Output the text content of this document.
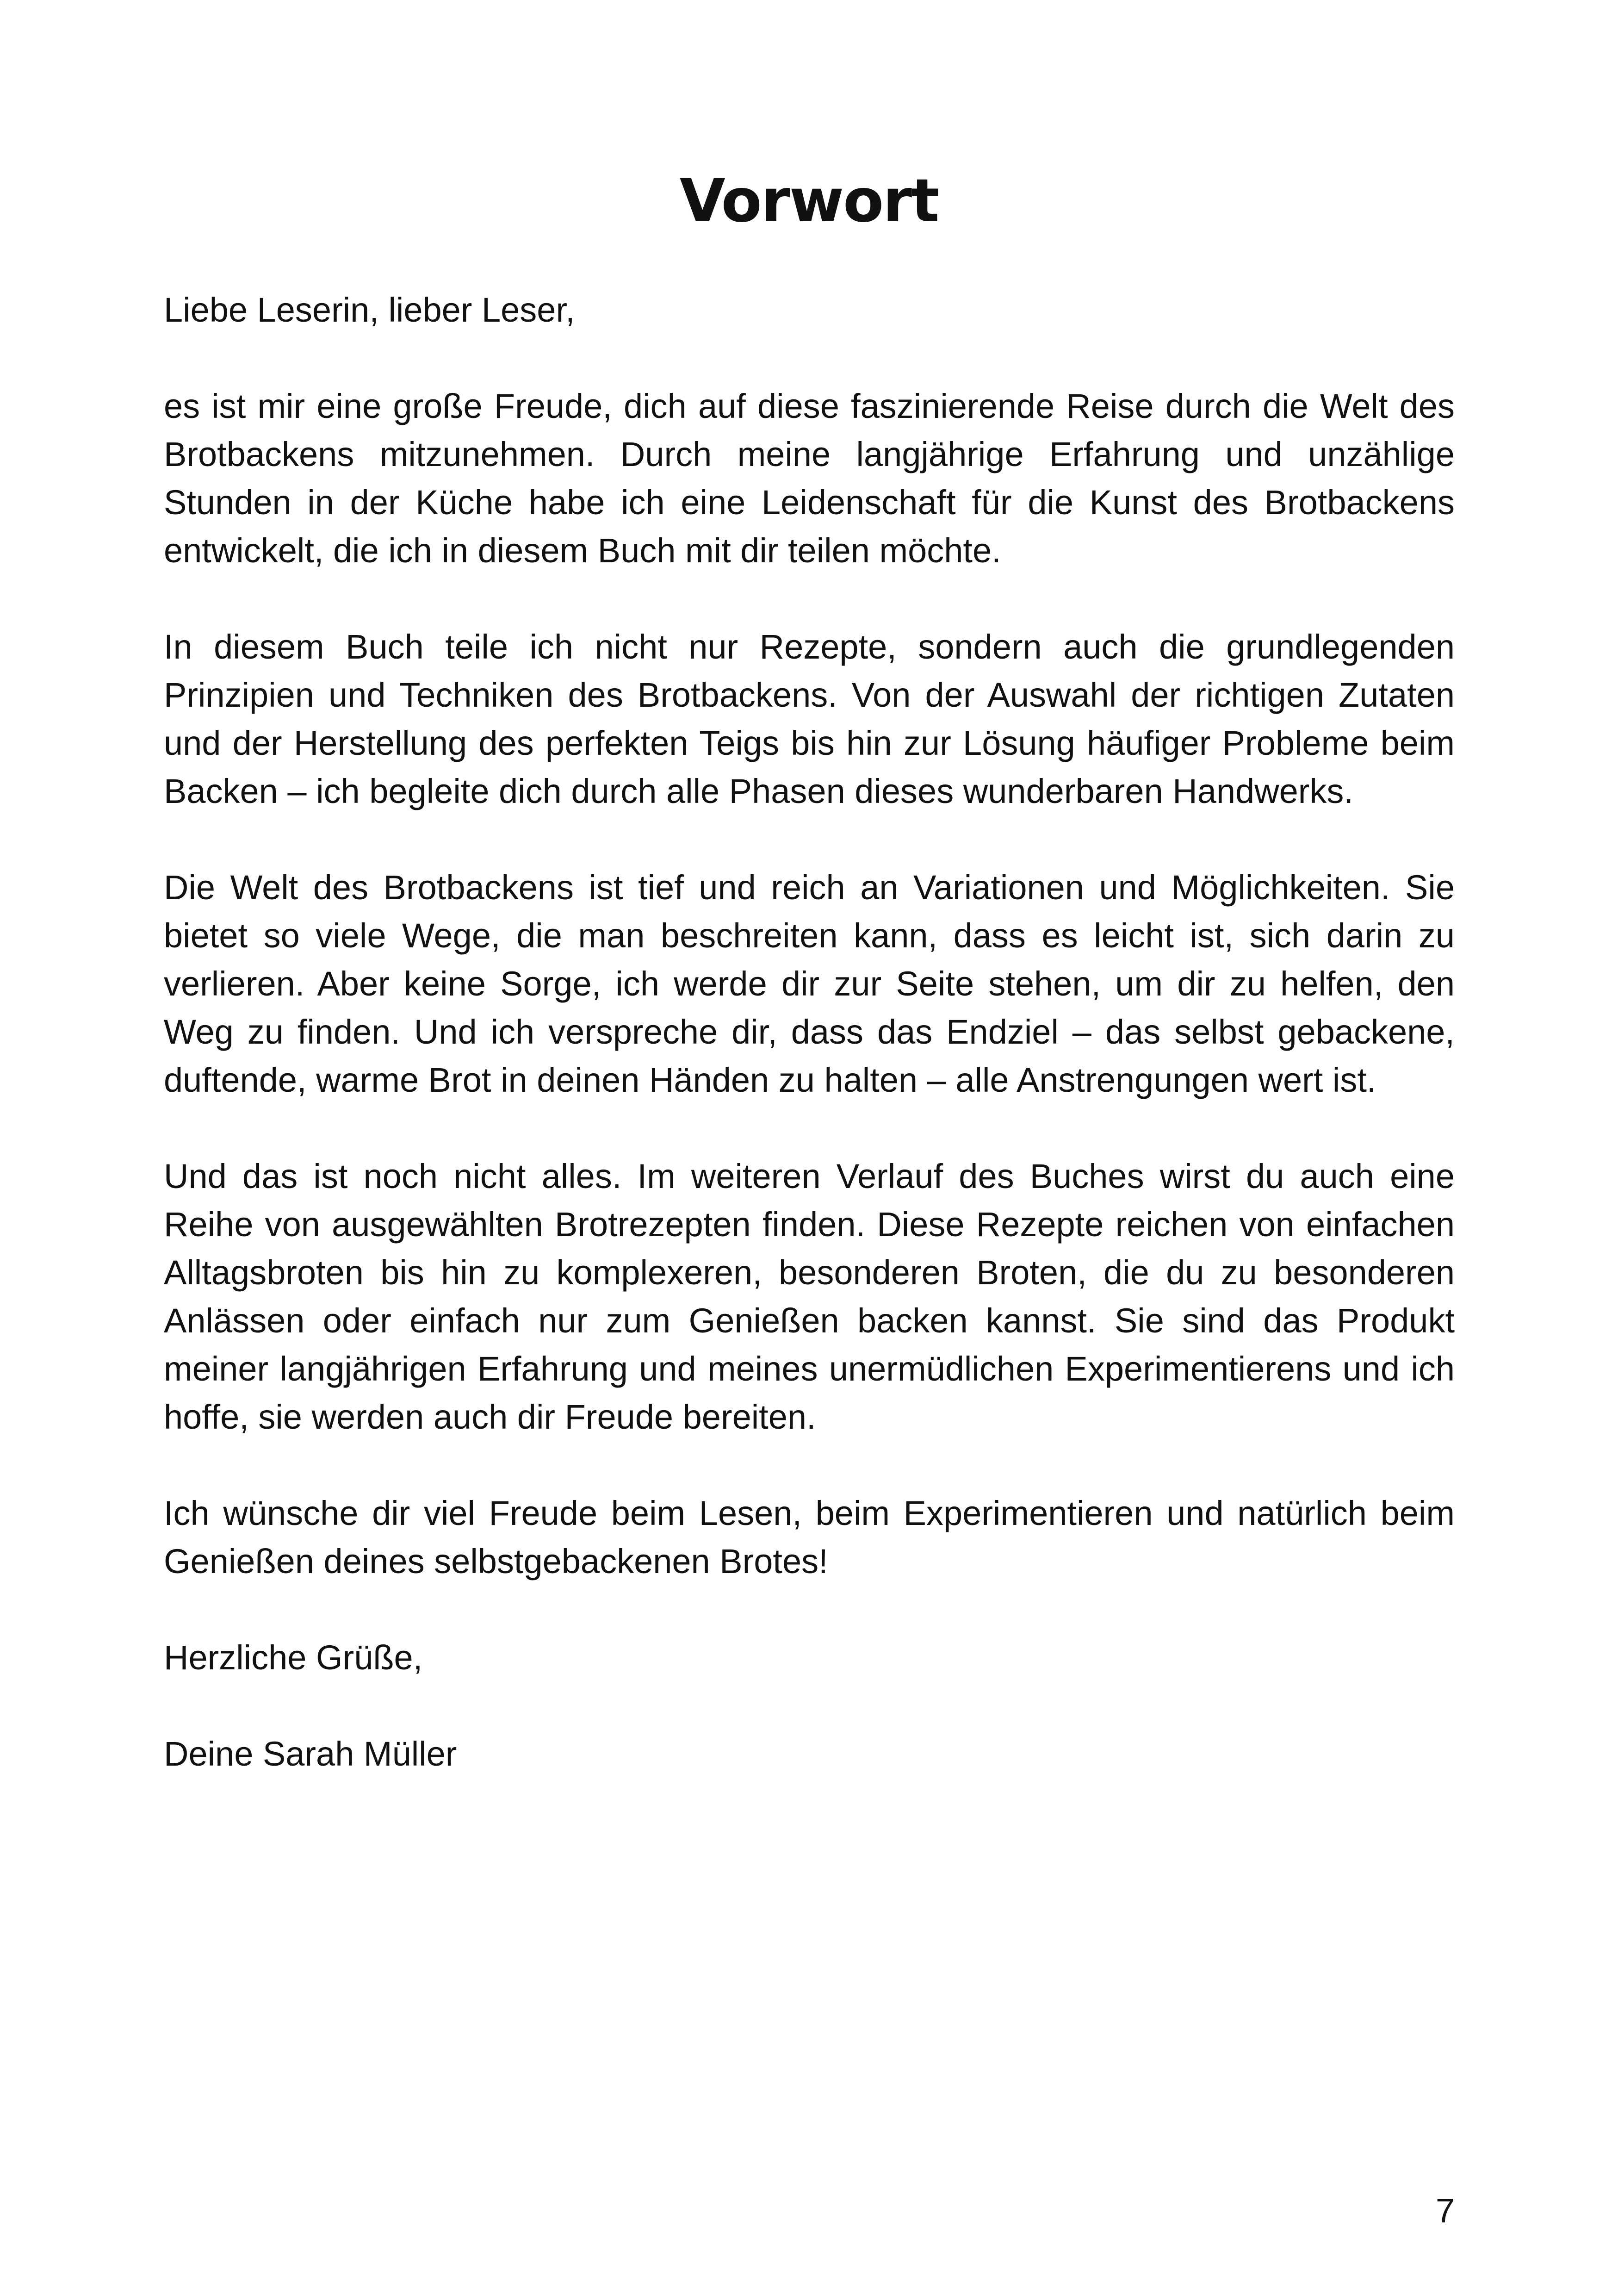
Vorwort

Liebe Leserin, lieber Leser,

es ist mir eine große Freude, dich auf diese faszinierende Reise durch die Welt des Brotbackens mitzunehmen. Durch meine langjährige Erfahrung und unzählige Stunden in der Küche habe ich eine Leidenschaft für die Kunst des Brotbackens entwickelt, die ich in diesem Buch mit dir teilen möchte.

In diesem Buch teile ich nicht nur Rezepte, sondern auch die grundlegenden Prinzipien und Techniken des Brotbackens. Von der Auswahl der richtigen Zutaten und der Herstellung des perfekten Teigs bis hin zur Lösung häufiger Probleme beim Backen – ich begleite dich durch alle Phasen dieses wunderbaren Handwerks.

Die Welt des Brotbackens ist tief und reich an Variationen und Möglichkeiten. Sie bietet so viele Wege, die man beschreiten kann, dass es leicht ist, sich darin zu verlieren. Aber keine Sorge, ich werde dir zur Seite stehen, um dir zu helfen, den Weg zu finden. Und ich verspreche dir, dass das Endziel – das selbst gebackene, duftende, warme Brot in deinen Händen zu halten – alle Anstrengungen wert ist.

Und das ist noch nicht alles. Im weiteren Verlauf des Buches wirst du auch eine Reihe von ausgewählten Brotrezepten finden. Diese Rezepte reichen von einfachen Alltagsbroten bis hin zu komplexeren, besonderen Broten, die du zu besonderen Anlässen oder einfach nur zum Genießen backen kannst. Sie sind das Produkt meiner langjährigen Erfahrung und meines unermüdlichen Experimentierens und ich hoffe, sie werden auch dir Freude bereiten.

Ich wünsche dir viel Freude beim Lesen, beim Experimentieren und natürlich beim Genießen deines selbstgebackenen Brotes!

Herzliche Grüße,

Deine Sarah Müller

7
